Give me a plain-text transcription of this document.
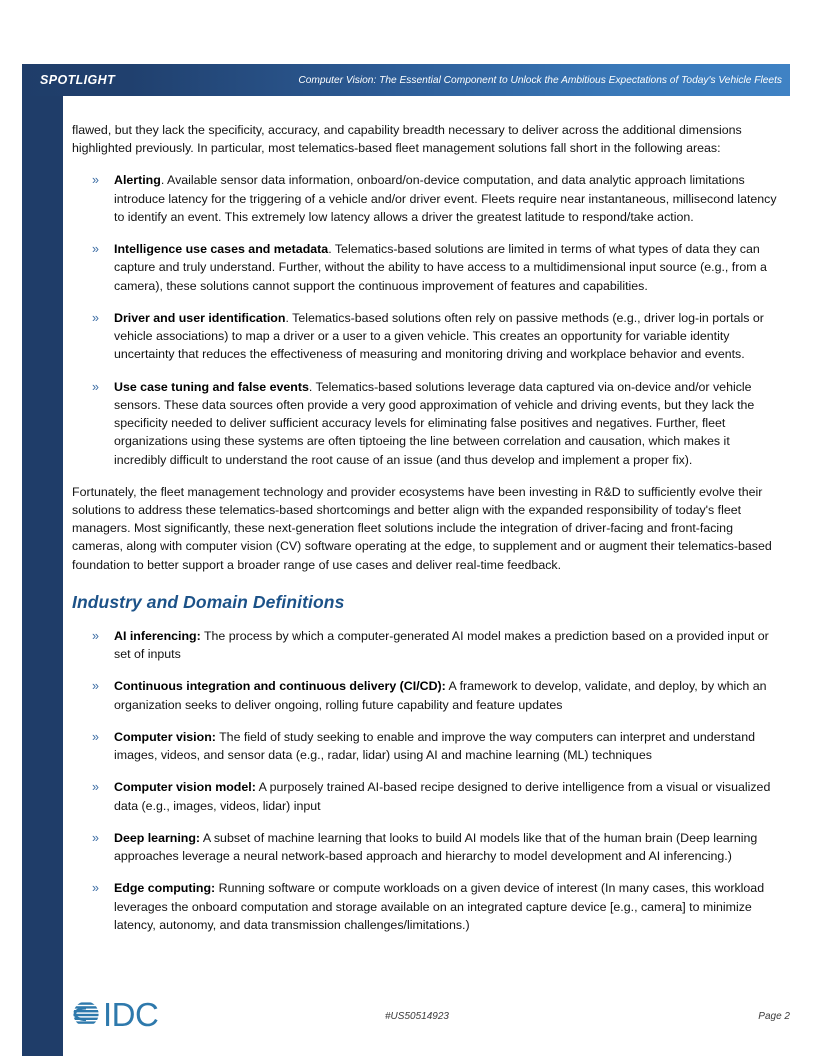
SPOTLIGHT	Computer Vision: The Essential Component to Unlock the Ambitious Expectations of Today's Vehicle Fleets

flawed, but they lack the specificity, accuracy, and capability breadth necessary to deliver across the additional dimensions highlighted previously. In particular, most telematics-based fleet management solutions fall short in the following areas:

» Alerting. Available sensor data information, onboard/on-device computation, and data analytic approach limitations introduce latency for the triggering of a vehicle and/or driver event. Fleets require near instantaneous, millisecond latency to identify an event. This extremely low latency allows a driver the greatest latitude to respond/take action.
» Intelligence use cases and metadata. Telematics-based solutions are limited in terms of what types of data they can capture and truly understand. Further, without the ability to have access to a multidimensional input source (e.g., from a camera), these solutions cannot support the continuous improvement of features and capabilities.
» Driver and user identification. Telematics-based solutions often rely on passive methods (e.g., driver log-in portals or vehicle associations) to map a driver or a user to a given vehicle. This creates an opportunity for variable identity uncertainty that reduces the effectiveness of measuring and monitoring driving and workplace behavior and events.
» Use case tuning and false events. Telematics-based solutions leverage data captured via on-device and/or vehicle sensors. These data sources often provide a very good approximation of vehicle and driving events, but they lack the specificity needed to deliver sufficient accuracy levels for eliminating false positives and negatives. Further, fleet organizations using these systems are often tiptoeing the line between correlation and causation, which makes it incredibly difficult to understand the root cause of an issue (and thus develop and implement a proper fix).

Fortunately, the fleet management technology and provider ecosystems have been investing in R&D to sufficiently evolve their solutions to address these telematics-based shortcomings and better align with the expanded responsibility of today's fleet managers. Most significantly, these next-generation fleet solutions include the integration of driver-facing and front-facing cameras, along with computer vision (CV) software operating at the edge, to supplement and or augment their telematics-based foundation to better support a broader range of use cases and deliver real-time feedback.

Industry and Domain Definitions
» AI inferencing: The process by which a computer-generated AI model makes a prediction based on a provided input or set of inputs
» Continuous integration and continuous delivery (CI/CD): A framework to develop, validate, and deploy, by which an organization seeks to deliver ongoing, rolling future capability and feature updates
» Computer vision: The field of study seeking to enable and improve the way computers can interpret and understand images, videos, and sensor data (e.g., radar, lidar) using AI and machine learning (ML) techniques
» Computer vision model: A purposely trained AI-based recipe designed to derive intelligence from a visual or visualized data (e.g., images, videos, lidar) input
» Deep learning: A subset of machine learning that looks to build AI models like that of the human brain (Deep learning approaches leverage a neural network-based approach and hierarchy to model development and AI inferencing.)
» Edge computing: Running software or compute workloads on a given device of interest (In many cases, this workload leverages the onboard computation and storage available on an integrated capture device [e.g., camera] to minimize latency, autonomy, and data transmission challenges/limitations.)
IDC	#US50514923	Page 2
